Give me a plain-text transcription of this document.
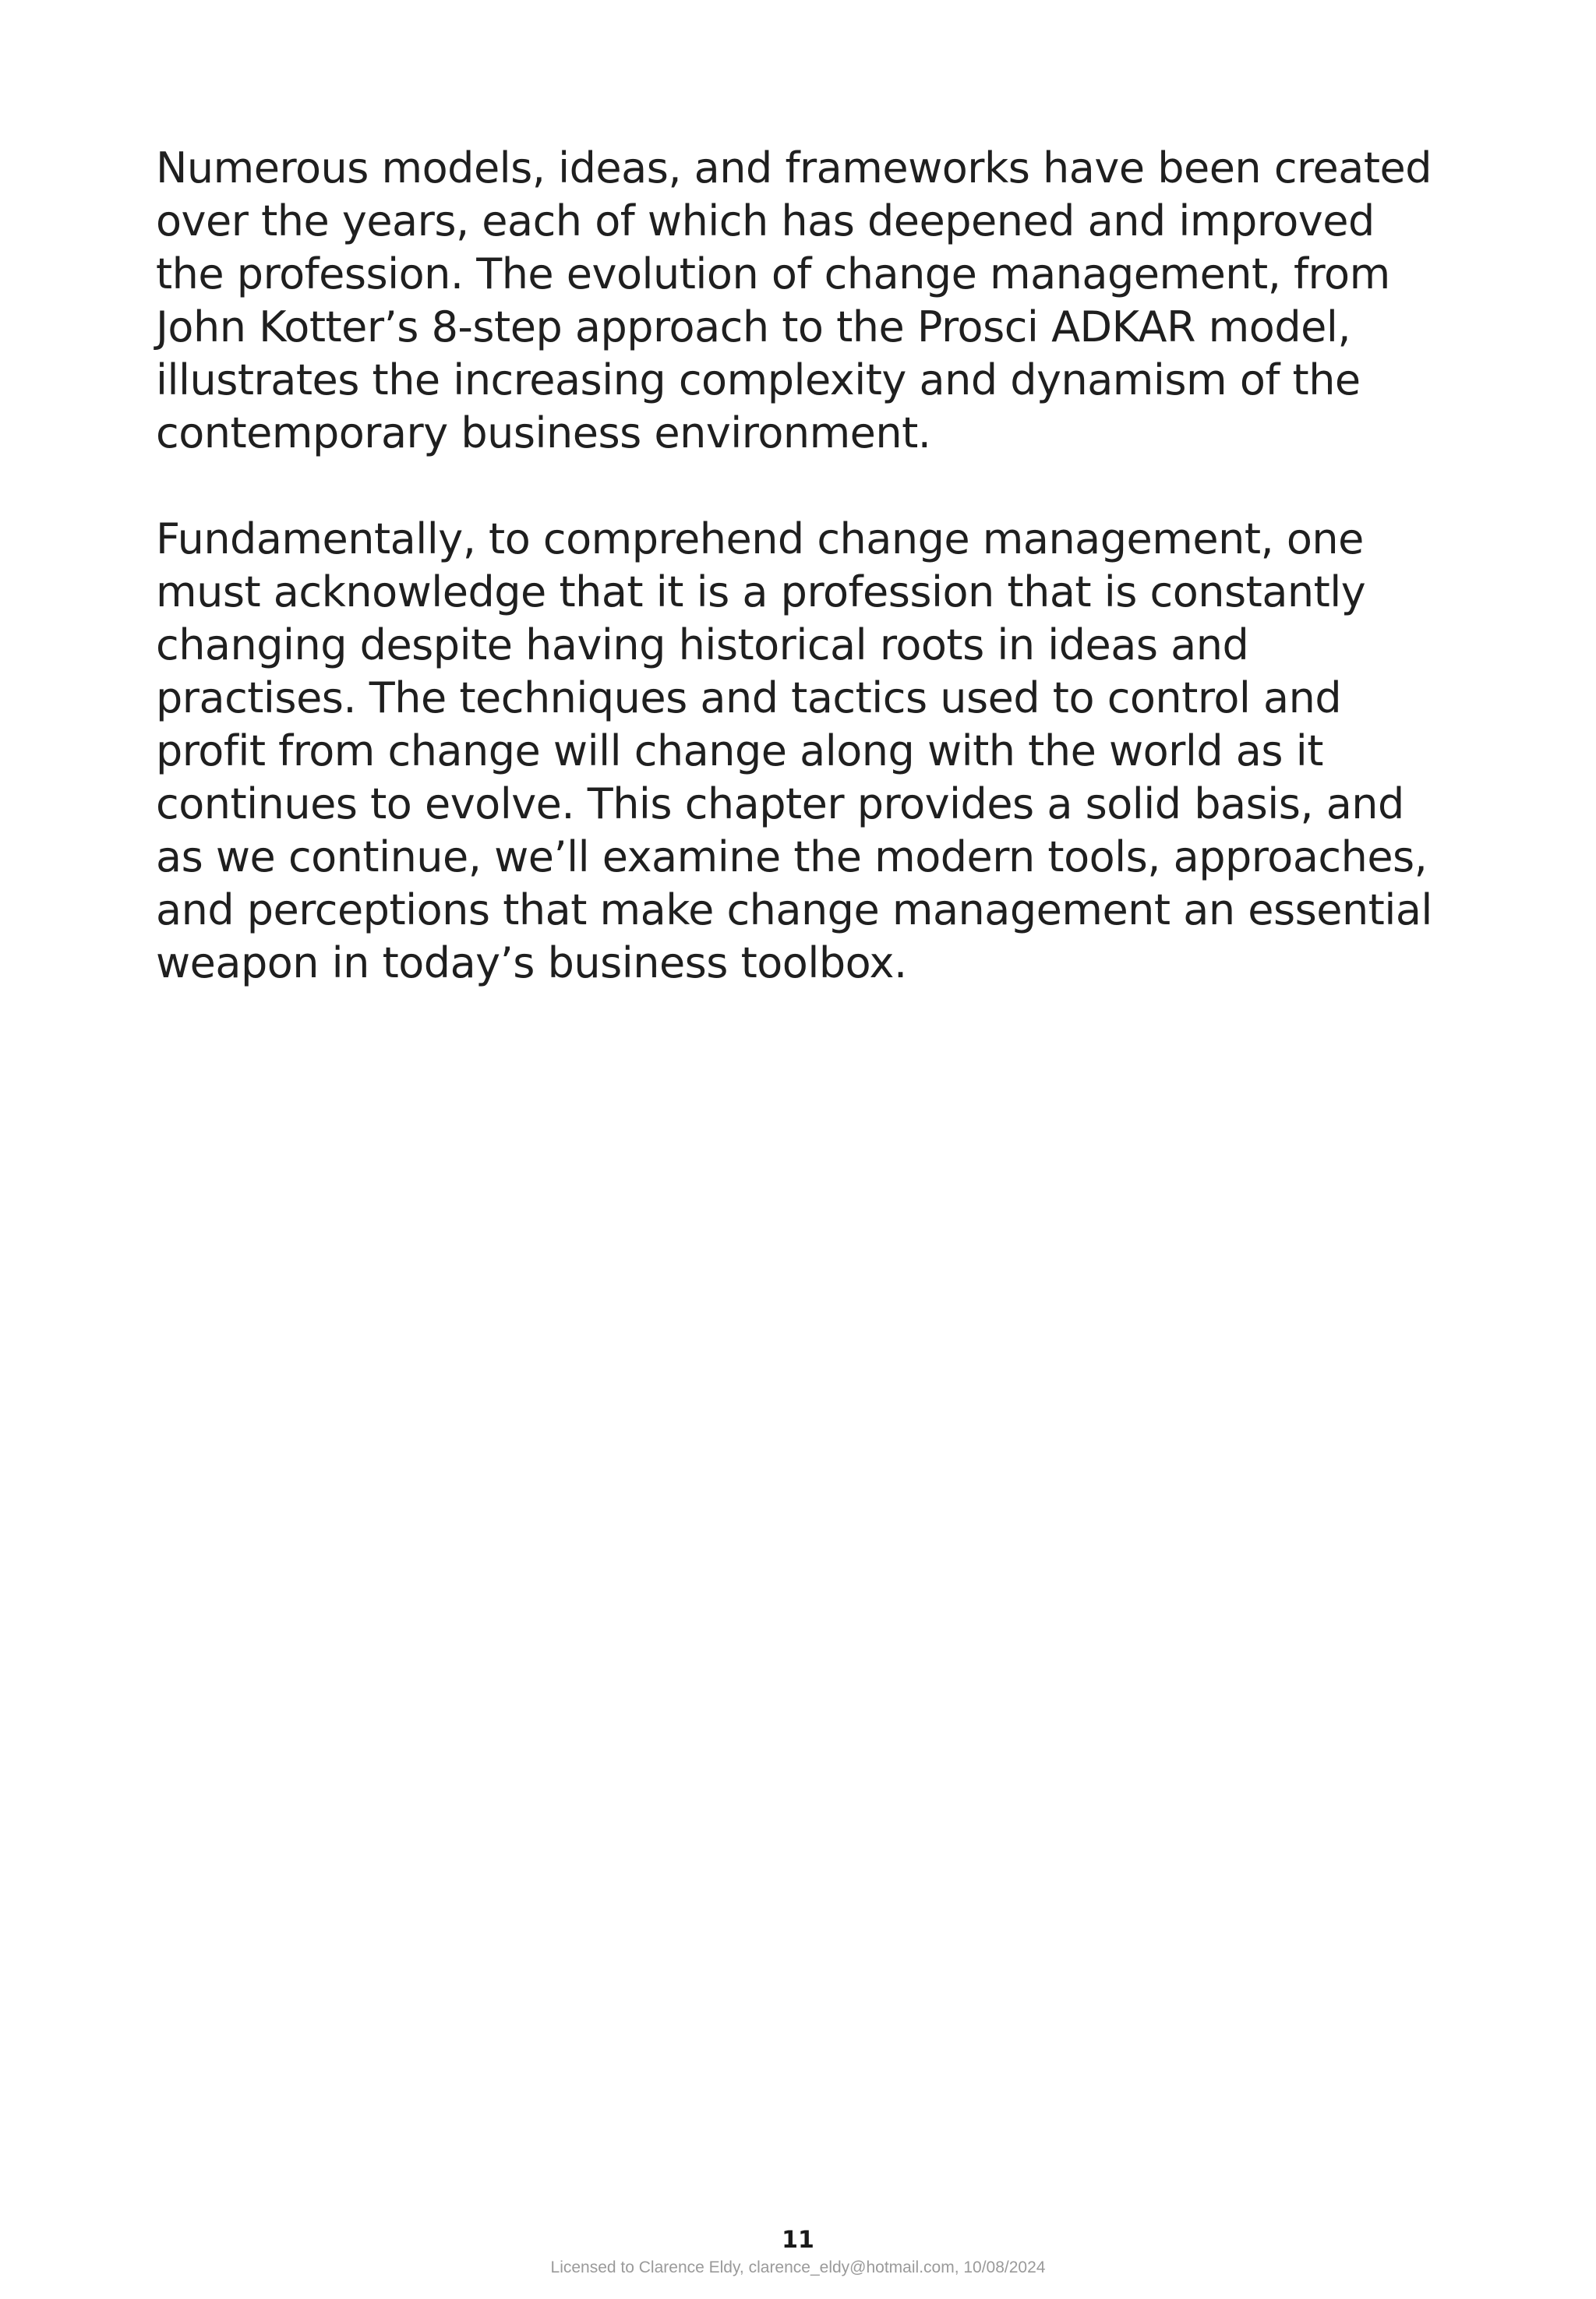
Numerous models, ideas, and frameworks have been created
over the years, each of which has deepened and improved
the profession. The evolution of change management, from
John Kotter’s 8-step approach to the Prosci ADKAR model,
illustrates the increasing complexity and dynamism of the
contemporary business environment.

Fundamentally, to comprehend change management, one
must acknowledge that it is a profession that is constantly
changing despite having historical roots in ideas and
practises. The techniques and tactics used to control and
profit from change will change along with the world as it
continues to evolve. This chapter provides a solid basis, and
as we continue, we’ll examine the modern tools, approaches,
and perceptions that make change management an essential
weapon in today’s business toolbox.

11
Licensed to Clarence Eldy, clarence_eldy@hotmail.com, 10/08/2024
